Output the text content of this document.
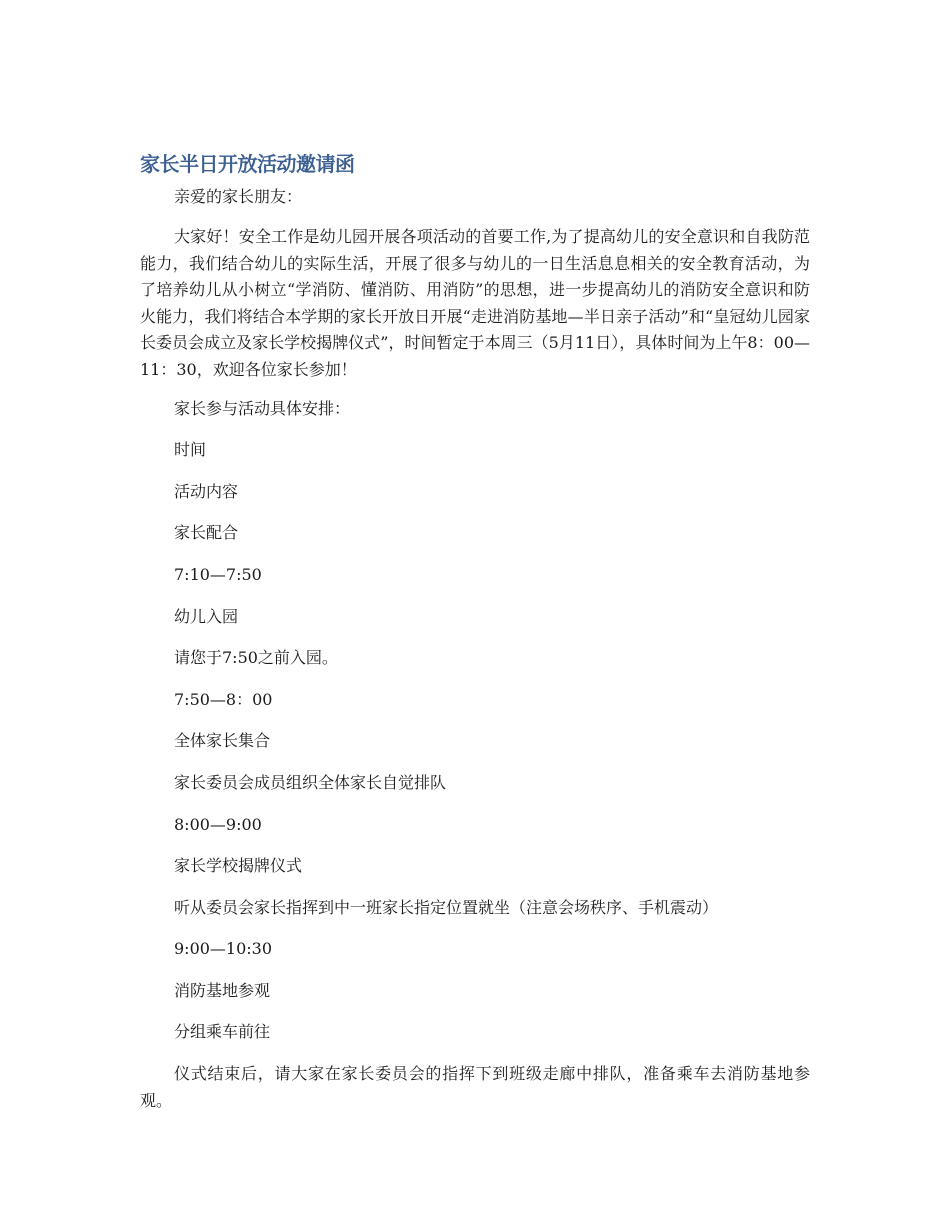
家长半日开放活动邀请函

亲爱的家长朋友：

大家好！安全工作是幼儿园开展各项活动的首要工作,为了提高幼儿的安全意识和自我防范能力，我们结合幼儿的实际生活，开展了很多与幼儿的一日生活息息相关的安全教育活动，为了培养幼儿从小树立“学消防、懂消防、用消防”的思想，进一步提高幼儿的消防安全意识和防火能力，我们将结合本学期的家长开放日开展“走进消防基地—半日亲子活动”和“皇冠幼儿园家长委员会成立及家长学校揭牌仪式”，时间暂定于本周三（5月11日），具体时间为上午8：00—11：30，欢迎各位家长参加！

家长参与活动具体安排：

时间

活动内容

家长配合

7:10—7:50

幼儿入园

请您于7:50之前入园。

7:50—8：00

全体家长集合

家长委员会成员组织全体家长自觉排队

8:00—9:00

家长学校揭牌仪式

听从委员会家长指挥到中一班家长指定位置就坐（注意会场秩序、手机震动）

9:00—10:30

消防基地参观

分组乘车前往

仪式结束后，请大家在家长委员会的指挥下到班级走廊中排队，准备乘车去消防基地参观。
